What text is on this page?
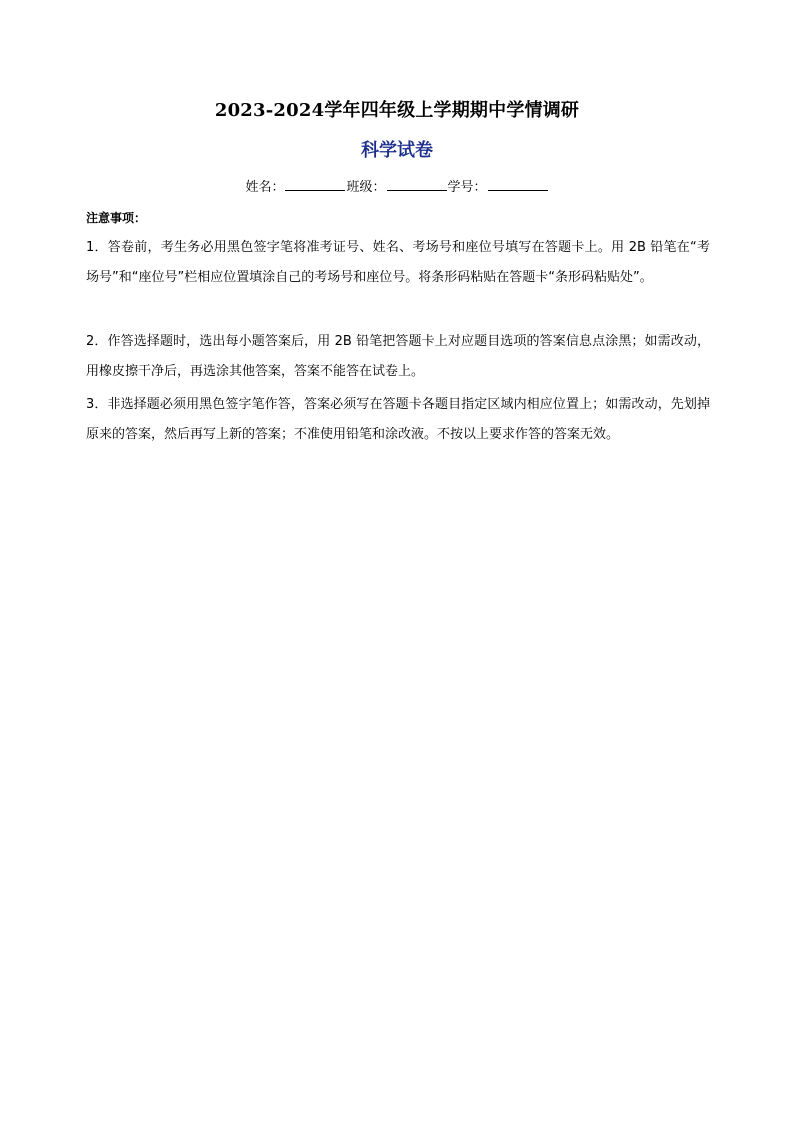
2023-2024学年四年级上学期期中学情调研
科学试卷
姓名：	班级：	学号：
注意事项：
1．答卷前，考生务必用黑色签字笔将准考证号、姓名、考场号和座位号填写在答题卡上。用 2B 铅笔在“考场号”和“座位号”栏相应位置填涂自己的考场号和座位号。将条形码粘贴在答题卡“条形码粘贴处”。
2．作答选择题时，选出每小题答案后，用 2B 铅笔把答题卡上对应题目选项的答案信息点涂黑；如需改动，用橡皮擦干净后，再选涂其他答案，答案不能答在试卷上。
3．非选择题必须用黑色签字笔作答，答案必须写在答题卡各题目指定区域内相应位置上；如需改动，先划掉原来的答案，然后再写上新的答案；不准使用铅笔和涂改液。不按以上要求作答的答案无效。
